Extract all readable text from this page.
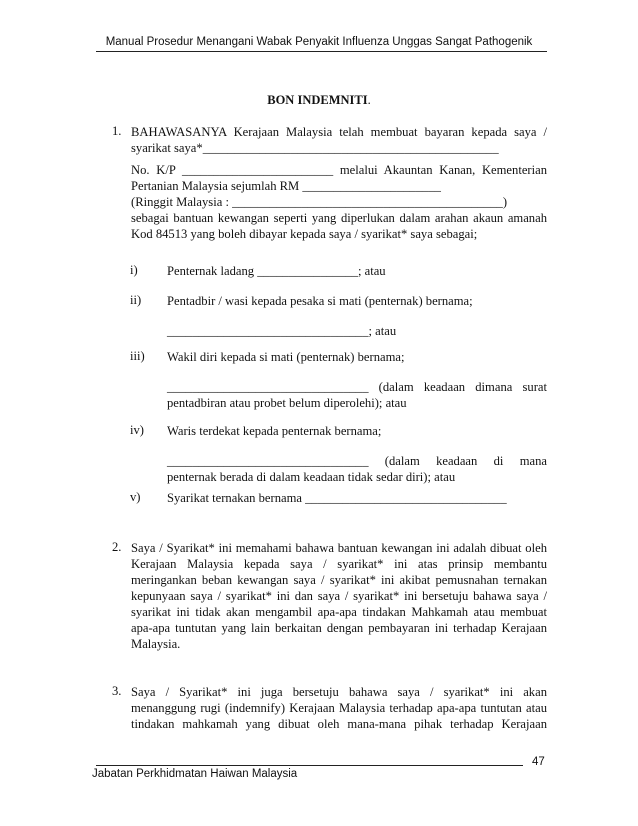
Manual Prosedur Menangani Wabak Penyakit Influenza Unggas Sangat Pathogenik
BON INDEMNITI.
1. BAHAWASANYA Kerajaan Malaysia telah membuat bayaran kepada saya /
syarikat saya*_______________________________________________
No. K/P ________________________ melalui Akauntan Kanan, Kementerian
Pertanian Malaysia sejumlah RM ______________________
(Ringgit Malaysia : ___________________________________________)
sebagai bantuan kewangan seperti yang diperlukan dalam arahan akaun amanah
Kod 84513 yang boleh dibayar kepada saya / syarikat* saya sebagai;
i) Penternak ladang ________________; atau
ii) Pentadbir / wasi kepada pesaka si mati (penternak) bernama;
________________________________; atau
iii) Wakil diri kepada si mati (penternak) bernama;
________________________________ (dalam keadaan dimana surat
pentadbiran atau probet belum diperolehi); atau
iv) Waris terdekat kepada penternak bernama;
________________________________ (dalam keadaan di mana
penternak berada di dalam keadaan tidak sedar diri); atau
v) Syarikat ternakan bernama ________________________________
2. Saya / Syarikat* ini memahami bahawa bantuan kewangan ini adalah dibuat oleh
Kerajaan Malaysia kepada saya / syarikat* ini atas prinsip membantu
meringankan beban kewangan saya / syarikat* ini akibat pemusnahan ternakan
kepunyaan saya / syarikat* ini dan saya / syarikat* ini bersetuju bahawa saya /
syarikat ini tidak akan mengambil apa-apa tindakan Mahkamah atau membuat
apa-apa tuntutan yang lain berkaitan dengan pembayaran ini terhadap Kerajaan
Malaysia.
3. Saya / Syarikat* ini juga bersetuju bahawa saya / syarikat* ini akan
menanggung rugi (indemnify) Kerajaan Malaysia terhadap apa-apa tuntutan atau
tindakan mahkamah yang dibuat oleh mana-mana pihak terhadap Kerajaan
47
Jabatan Perkhidmatan Haiwan Malaysia
